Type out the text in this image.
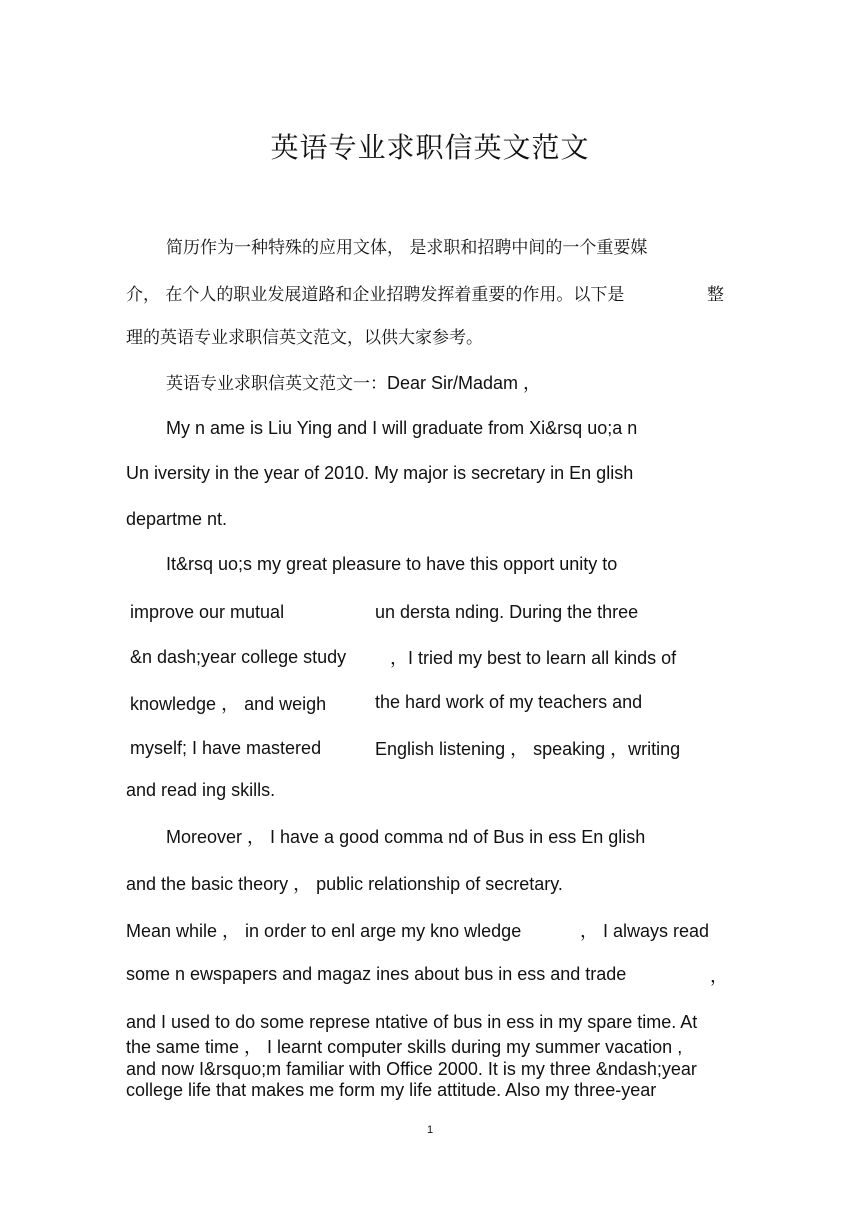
英语专业求职信英文范文
简历作为一种特殊的应用文体， 是求职和招聘中间的一个重要媒
介， 在个人的职业发展道路和企业招聘发挥着重要的作用。以下是	整
理的英语专业求职信英文范文，以供大家参考。
英语专业求职信英文范文一：Dear Sir/Madam ，
My n ame is Liu Ying and I will graduate from Xi&rsq uo;a n
Un iversity in the year of 2010. My major is secretary in En glish
departme nt.
It&rsq uo;s my great pleasure to have this opport unity to
improve our mutual	un dersta nding. During the three
&n dash;year college study ，I tried my best to learn all kinds of
knowledge ， and weigh	the hard work of my teachers and
myself; I have mastered	English listening ， speaking ，writing
and read ing skills.
Moreover ， I have a good comma nd of Bus in ess En glish
and the basic theory ， public relationship of secretary.
Mean while ， in order to enl arge my kno wledge	， I always read
some n ewspapers and magaz ines about bus in ess and trade	，
and I used to do some represe ntative of bus in ess in my spare time. At
the same time ， I learnt computer skills during my summer vacation ,
and now I&rsquo;m familiar with Office 2000. It is my three &ndash;year
college life that makes me form my life attitude. Also my three-year
1
